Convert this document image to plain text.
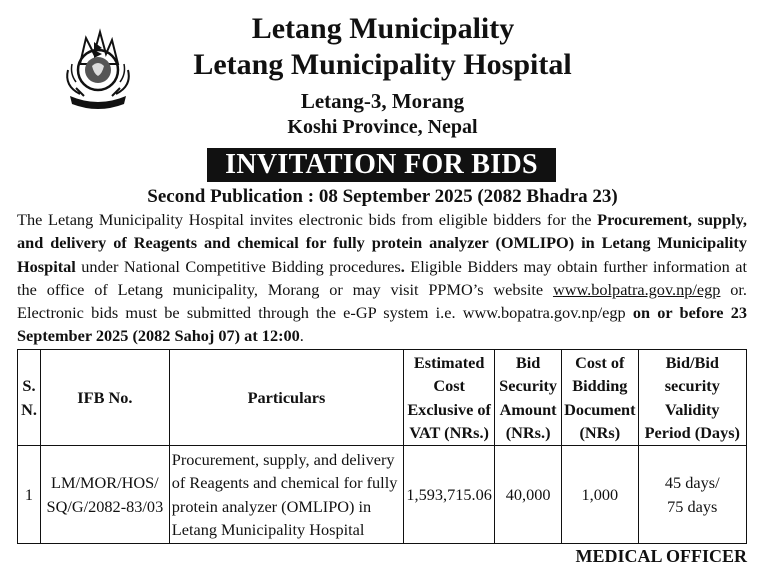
Letang Municipality
Letang Municipality Hospital
Letang-3, Morang
Koshi Province, Nepal
INVITATION FOR BIDS
Second Publication : 08 September 2025 (2082 Bhadra 23)
The Letang Municipality Hospital invites electronic bids from eligible bidders for the Procurement, supply, and delivery of Reagents and chemical for fully protein analyzer (OMLIPO) in Letang Municipality Hospital under National Competitive Bidding procedures. Eligible Bidders may obtain further information at the office of Letang municipality, Morang or may visit PPMO’s website www.bolpatra.gov.np/egp or. Electronic bids must be submitted through the e-GP system i.e. www.bopatra.gov.np/egp on or before 23 September 2025 (2082 Sahoj 07) at 12:00.
S. N.	IFB No.	Particulars	Estimated Cost Exclusive of VAT (NRs.)	Bid Security Amount (NRs.)	Cost of Bidding Document (NRs)	Bid/Bid security Validity Period (Days)
1	LM/MOR/HOS/ SQ/G/2082-83/03	Procurement, supply, and delivery of Reagents and chemical for fully protein analyzer (OMLIPO) in Letang Municipality Hospital	1,593,715.06	40,000	1,000	45 days/
75 days
MEDICAL OFFICER
